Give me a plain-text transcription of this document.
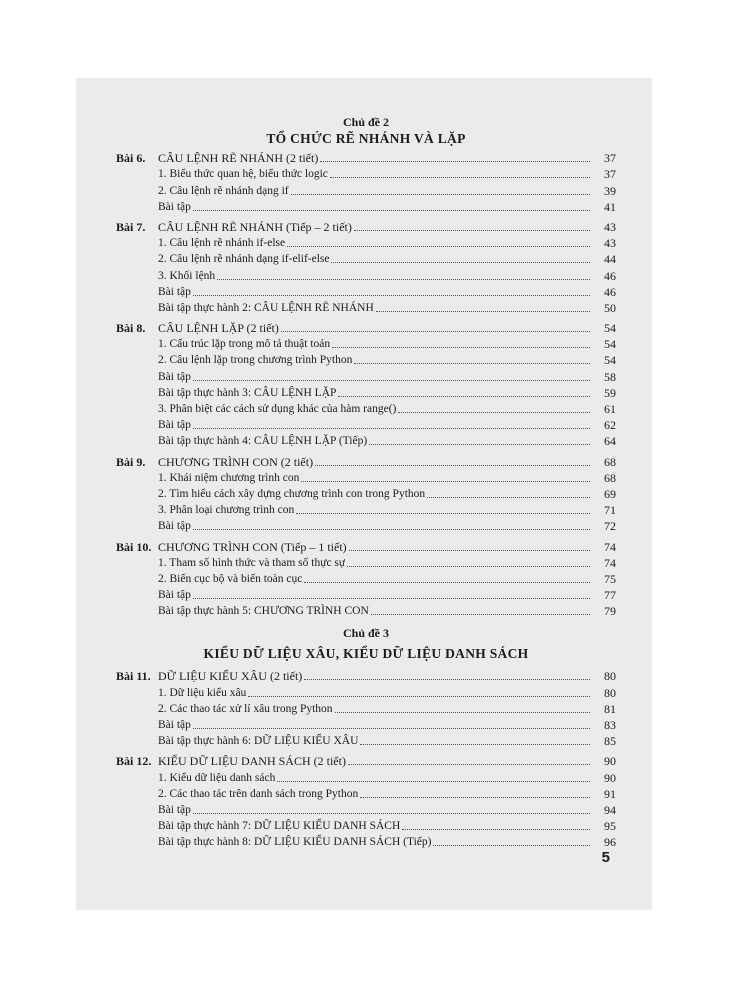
Chủ đề 2
TỔ CHỨC RẼ NHÁNH VÀ LẶP
Bài 6.	CÂU LỆNH RẼ NHÁNH (2 tiết)	37
1. Biểu thức quan hệ, biểu thức logic	37
2. Câu lệnh rẽ nhánh dạng if	39
Bài tập	41
Bài 7.	CÂU LỆNH RẼ NHÁNH (Tiếp – 2 tiết)	43
1. Câu lệnh rẽ nhánh if-else	43
2. Câu lệnh rẽ nhánh dạng if-elif-else	44
3. Khối lệnh	46
Bài tập	46
Bài tập thực hành 2: CÂU LỆNH RẼ NHÁNH	50
Bài 8.	CÂU LỆNH LẶP (2 tiết)	54
1. Cấu trúc lặp trong mô tả thuật toán	54
2. Câu lệnh lặp trong chương trình Python	54
Bài tập	58
Bài tập thực hành 3: CÂU LỆNH LẶP	59
3. Phân biệt các cách sử dụng khác của hàm range()	61
Bài tập	62
Bài tập thực hành 4: CÂU LỆNH LẶP (Tiếp)	64
Bài 9.	CHƯƠNG TRÌNH CON (2 tiết)	68
1. Khái niệm chương trình con	68
2. Tìm hiểu cách xây dựng chương trình con trong Python	69
3. Phân loại chương trình con	71
Bài tập	72
Bài 10. CHƯƠNG TRÌNH CON (Tiếp – 1 tiết)	74
1. Tham số hình thức và tham số thực sự	74
2. Biến cục bộ và biến toàn cục	75
Bài tập	77
Bài tập thực hành 5: CHƯƠNG TRÌNH CON	79
Chủ đề 3
KIỂU DỮ LIỆU XÂU, KIỂU DỮ LIỆU DANH SÁCH
Bài 11. DỮ LIỆU KIỂU XÂU (2 tiết)	80
1. Dữ liệu kiểu xâu	80
2. Các thao tác xử lí xâu trong Python	81
Bài tập	83
Bài tập thực hành 6: DỮ LIỆU KIỂU XÂU	85
Bài 12. KIỂU DỮ LIỆU DANH SÁCH (2 tiết)	90
1. Kiểu dữ liệu danh sách	90
2. Các thao tác trên danh sách trong Python	91
Bài tập	94
Bài tập thực hành 7: DỮ LIỆU KIỂU DANH SÁCH	95
Bài tập thực hành 8: DỮ LIỆU KIỂU DANH SÁCH (Tiếp)	96
5
